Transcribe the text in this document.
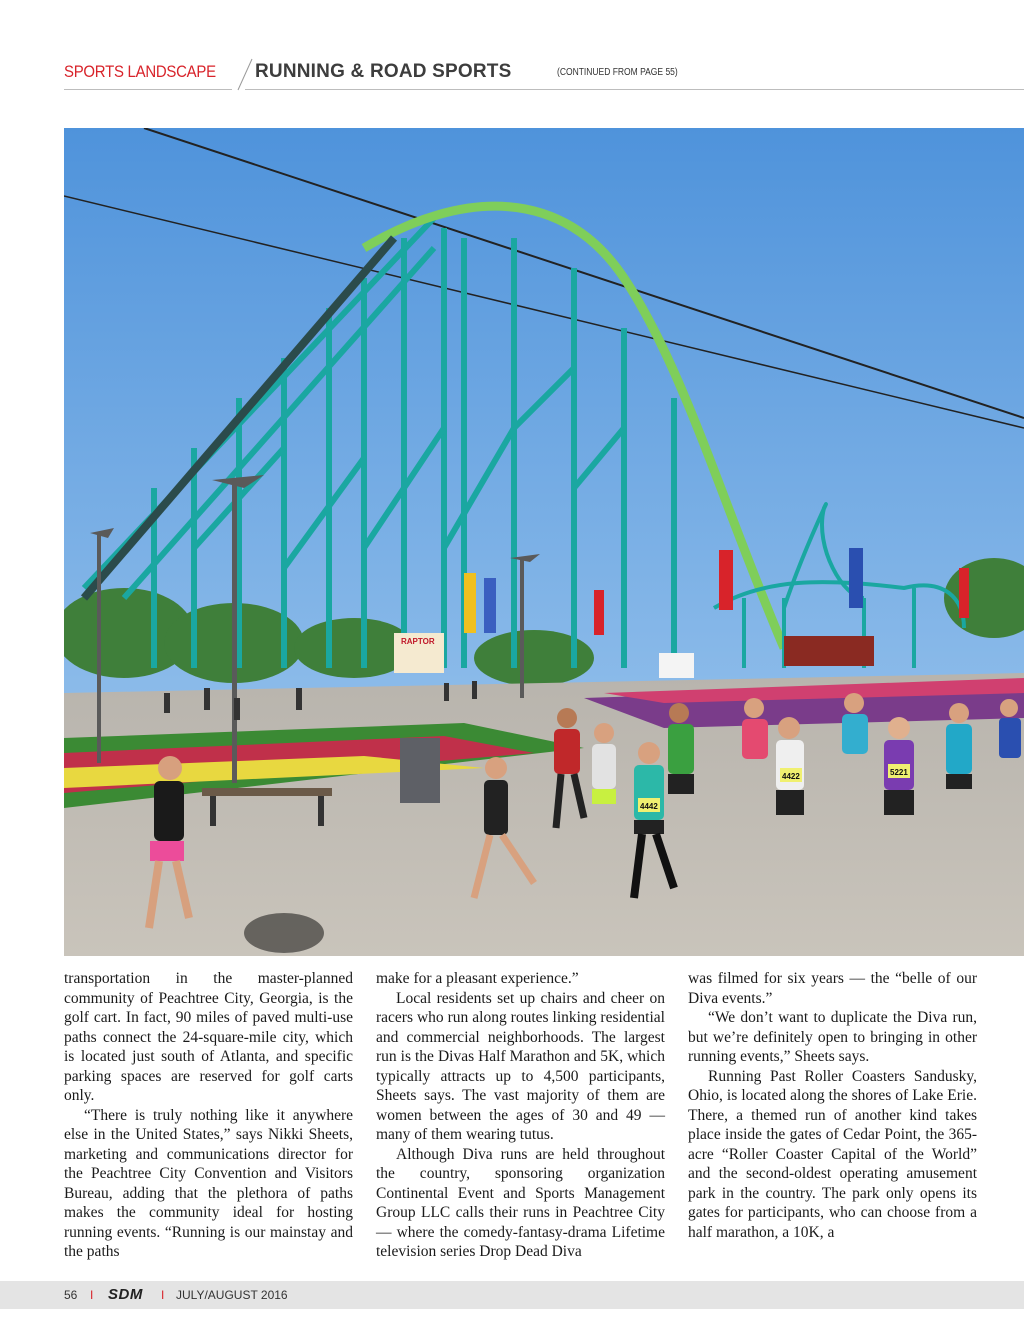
SPORTS LANDSCAPE RUNNING & ROAD SPORTS	(CONTINUED FROM PAGE 55)
RAPTOR
5221
4442
4422

transportation in the master-planned community of Peachtree City, Georgia, is the golf cart. In fact, 90 miles of paved multi-use paths connect the 24-square-mile city, which is located just south of Atlanta, and specific parking spaces are reserved for golf carts only.

“There is truly nothing like it anywhere else in the United States,” says Nikki Sheets, marketing and communications director for the Peachtree City Convention and Visitors Bureau, adding that the plethora of paths makes the community ideal for hosting running events. “Running is our mainstay and the paths

make for a pleasant experience.”

Local residents set up chairs and cheer on racers who run along routes linking residential and commercial neighborhoods. The largest run is the Divas Half Marathon and 5K, which typically attracts up to 4,500 participants, Sheets says. The vast majority of them are women between the ages of 30 and 49 — many of them wearing tutus.

Although Diva runs are held throughout the country, sponsoring organization Continental Event and Sports Management Group LLC calls their runs in Peachtree City — where the comedy-fantasy-drama Lifetime television series Drop Dead Diva

was filmed for six years — the “belle of our Diva events.”

“We don’t want to duplicate the Diva run, but we’re definitely open to bringing in other running events,” Sheets says.

Running Past Roller Coasters Sandusky, Ohio, is located along the shores of Lake Erie. There, a themed run of another kind takes place inside the gates of Cedar Point, the 365-acre “Roller Coaster Capital of the World” and the second-oldest operating amusement park in the country. The park only opens its gates for participants, who can choose from a half marathon, a 10K, a

56 I SDM I JULY/AUGUST 2016
